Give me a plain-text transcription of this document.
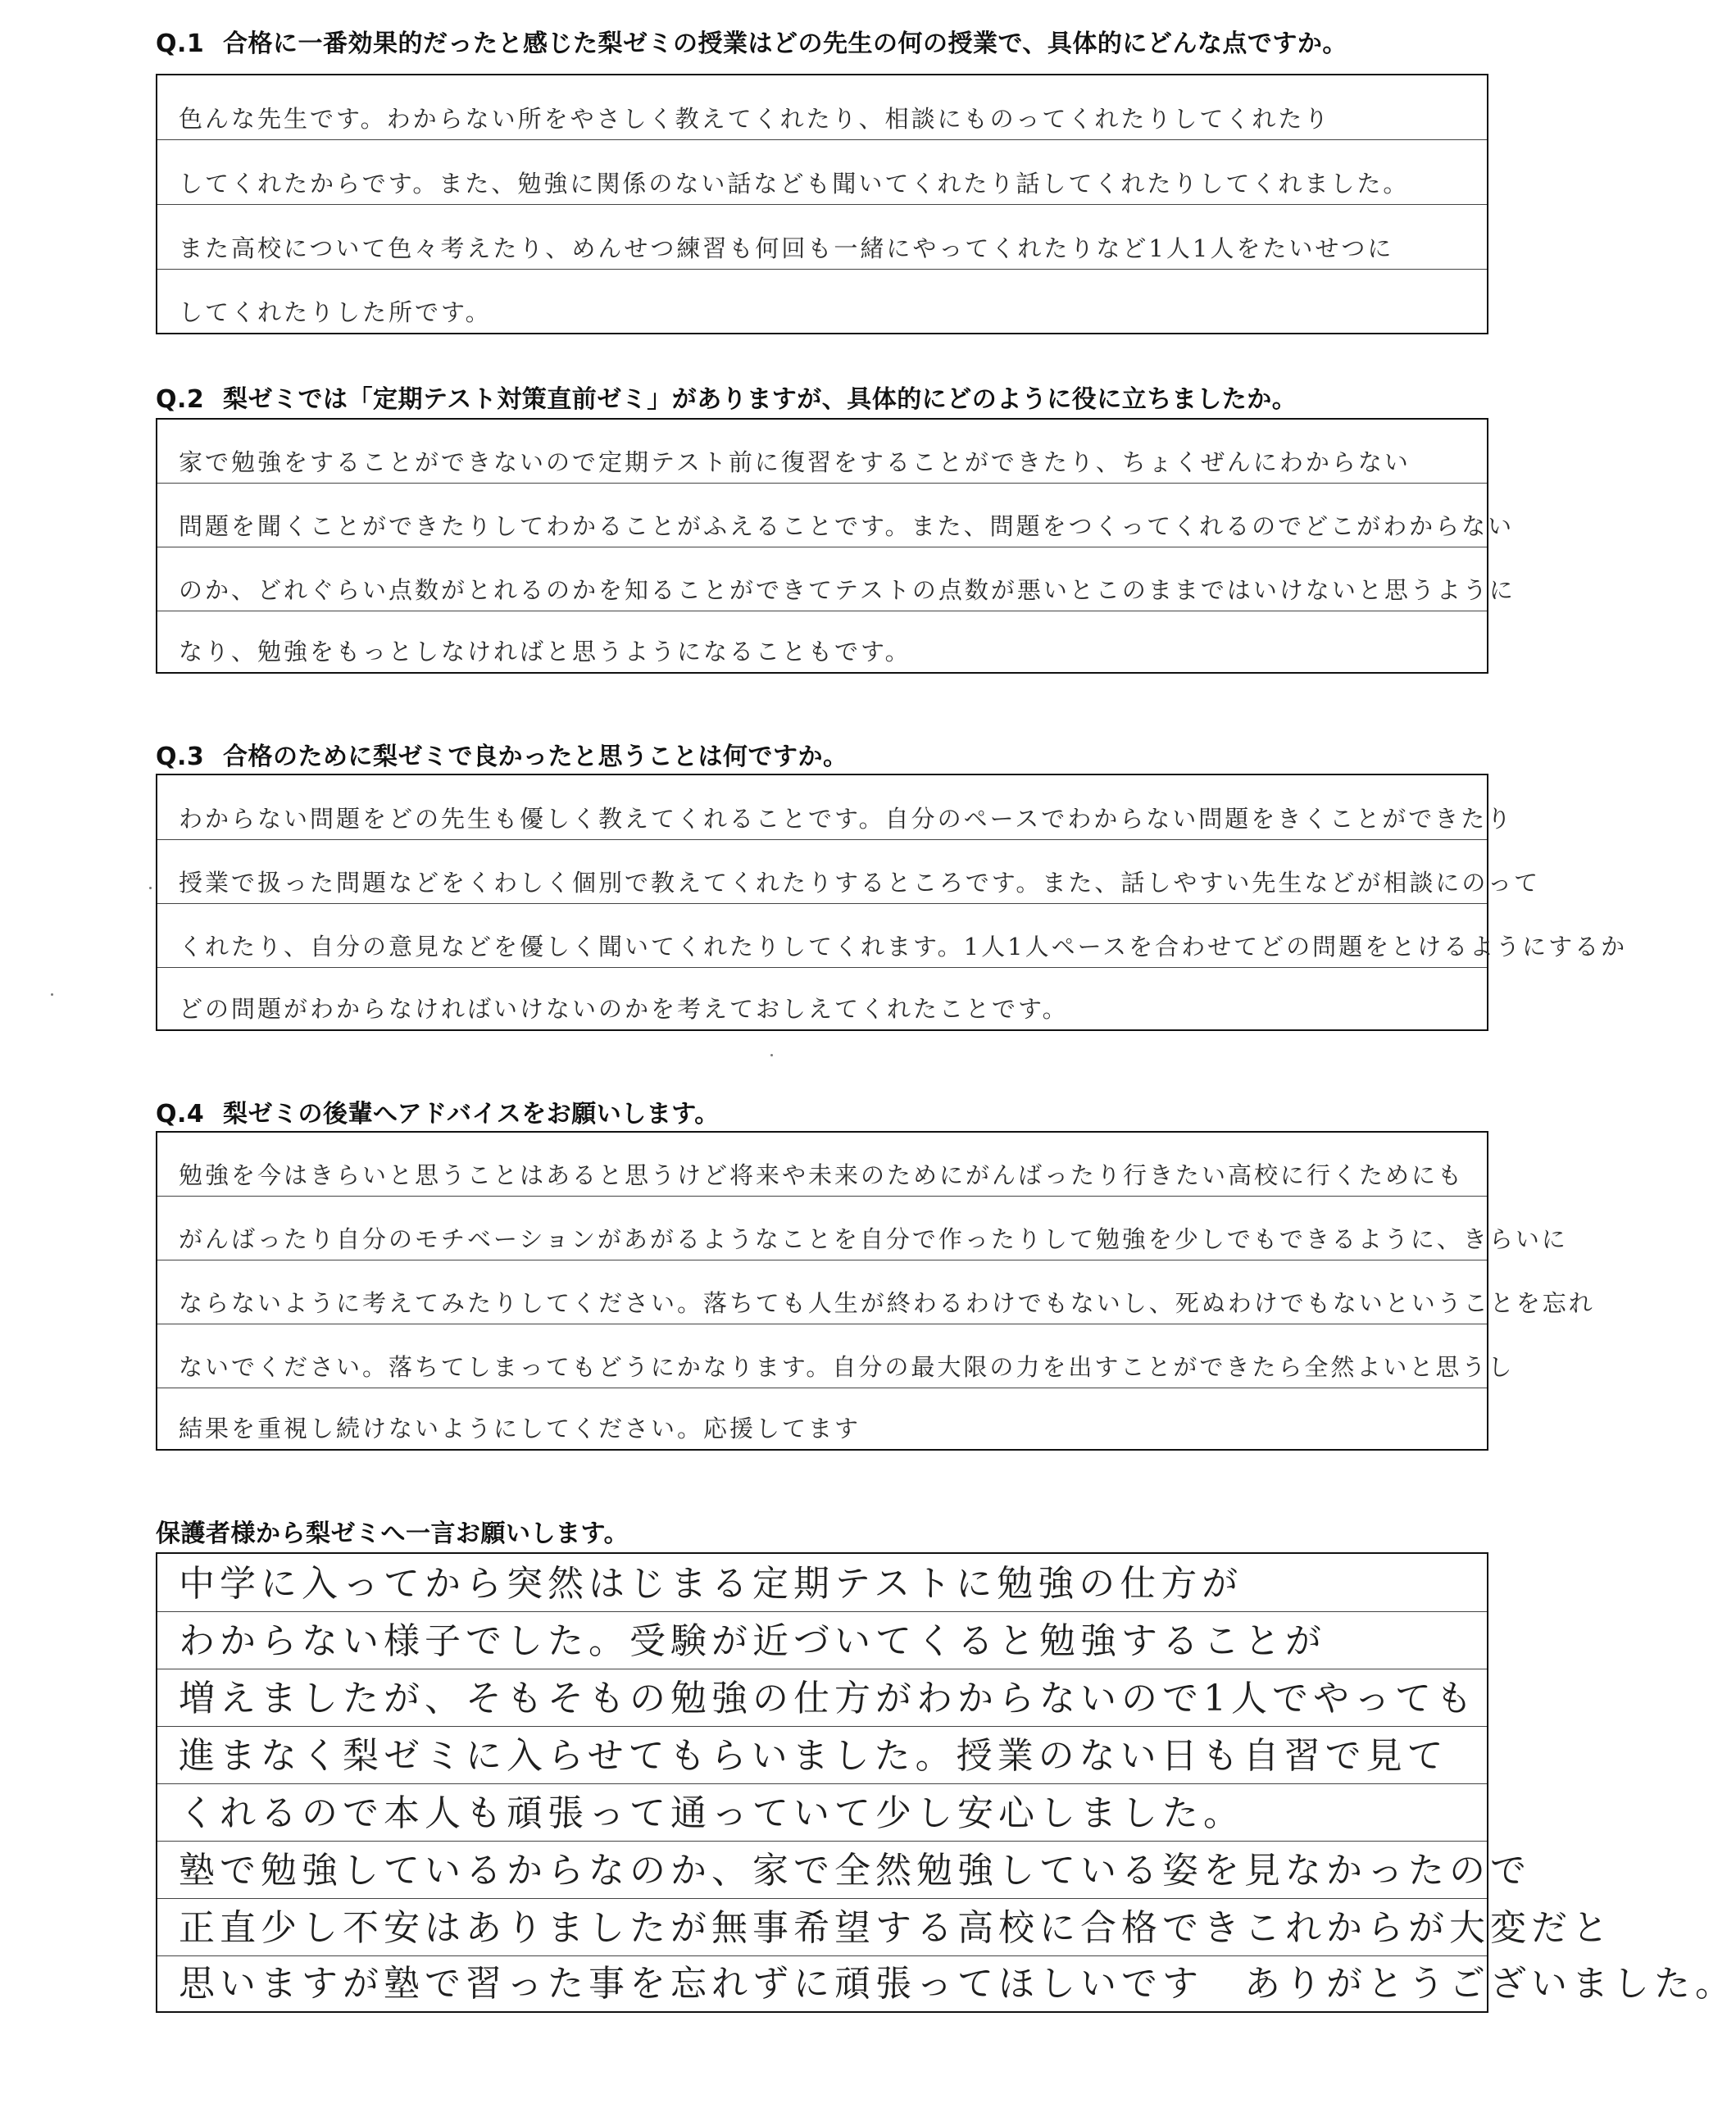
Q.1 合格に一番効果的だったと感じた梨ゼミの授業はどの先生の何の授業で、具体的にどんな点ですか。
色んな先生です。わからない所をやさしく教えてくれたり、相談にものってくれたりしてくれたり
してくれたからです。また、勉強に関係のない話なども聞いてくれたり話してくれたりしてくれました。
また高校について色々考えたり、めんせつ練習も何回も一緒にやってくれたりなど1人1人をたいせつに
してくれたりした所です。
Q.2 梨ゼミでは「定期テスト対策直前ゼミ」がありますが、具体的にどのように役に立ちましたか。
家で勉強をすることができないので定期テスト前に復習をすることができたり、ちょくぜんにわからない
問題を聞くことができたりしてわかることがふえることです。また、問題をつくってくれるのでどこがわからない
のか、どれぐらい点数がとれるのかを知ることができてテストの点数が悪いとこのままではいけないと思うように
なり、勉強をもっとしなければと思うようになることもです。
Q.3 合格のために梨ゼミで良かったと思うことは何ですか。
わからない問題をどの先生も優しく教えてくれることです。自分のペースでわからない問題をきくことができたり
授業で扱った問題などをくわしく個別で教えてくれたりするところです。また、話しやすい先生などが相談にのって
くれたり、自分の意見などを優しく聞いてくれたりしてくれます。1人1人ペースを合わせてどの問題をとけるようにするか
どの問題がわからなければいけないのかを考えておしえてくれたことです。
Q.4 梨ゼミの後輩へアドバイスをお願いします。
勉強を今はきらいと思うことはあると思うけど将来や未来のためにがんばったり行きたい高校に行くためにも
がんばったり自分のモチベーションがあがるようなことを自分で作ったりして勉強を少しでもできるように、きらいに
ならないように考えてみたりしてください。落ちても人生が終わるわけでもないし、死ぬわけでもないということを忘れ
ないでください。落ちてしまってもどうにかなります。自分の最大限の力を出すことができたら全然よいと思うし
結果を重視し続けないようにしてください。応援してます
保護者様から梨ゼミへ一言お願いします。
中学に入ってから突然はじまる定期テストに勉強の仕方が
わからない様子でした。受験が近づいてくると勉強することが
増えましたが、そもそもの勉強の仕方がわからないので1人でやっても
進まなく梨ゼミに入らせてもらいました。授業のない日も自習で見て
くれるので本人も頑張って通っていて少し安心しました。
塾で勉強しているからなのか、家で全然勉強している姿を見なかったので
正直少し不安はありましたが無事希望する高校に合格できこれからが大変だと
思いますが塾で習った事を忘れずに頑張ってほしいです　ありがとうございました。
